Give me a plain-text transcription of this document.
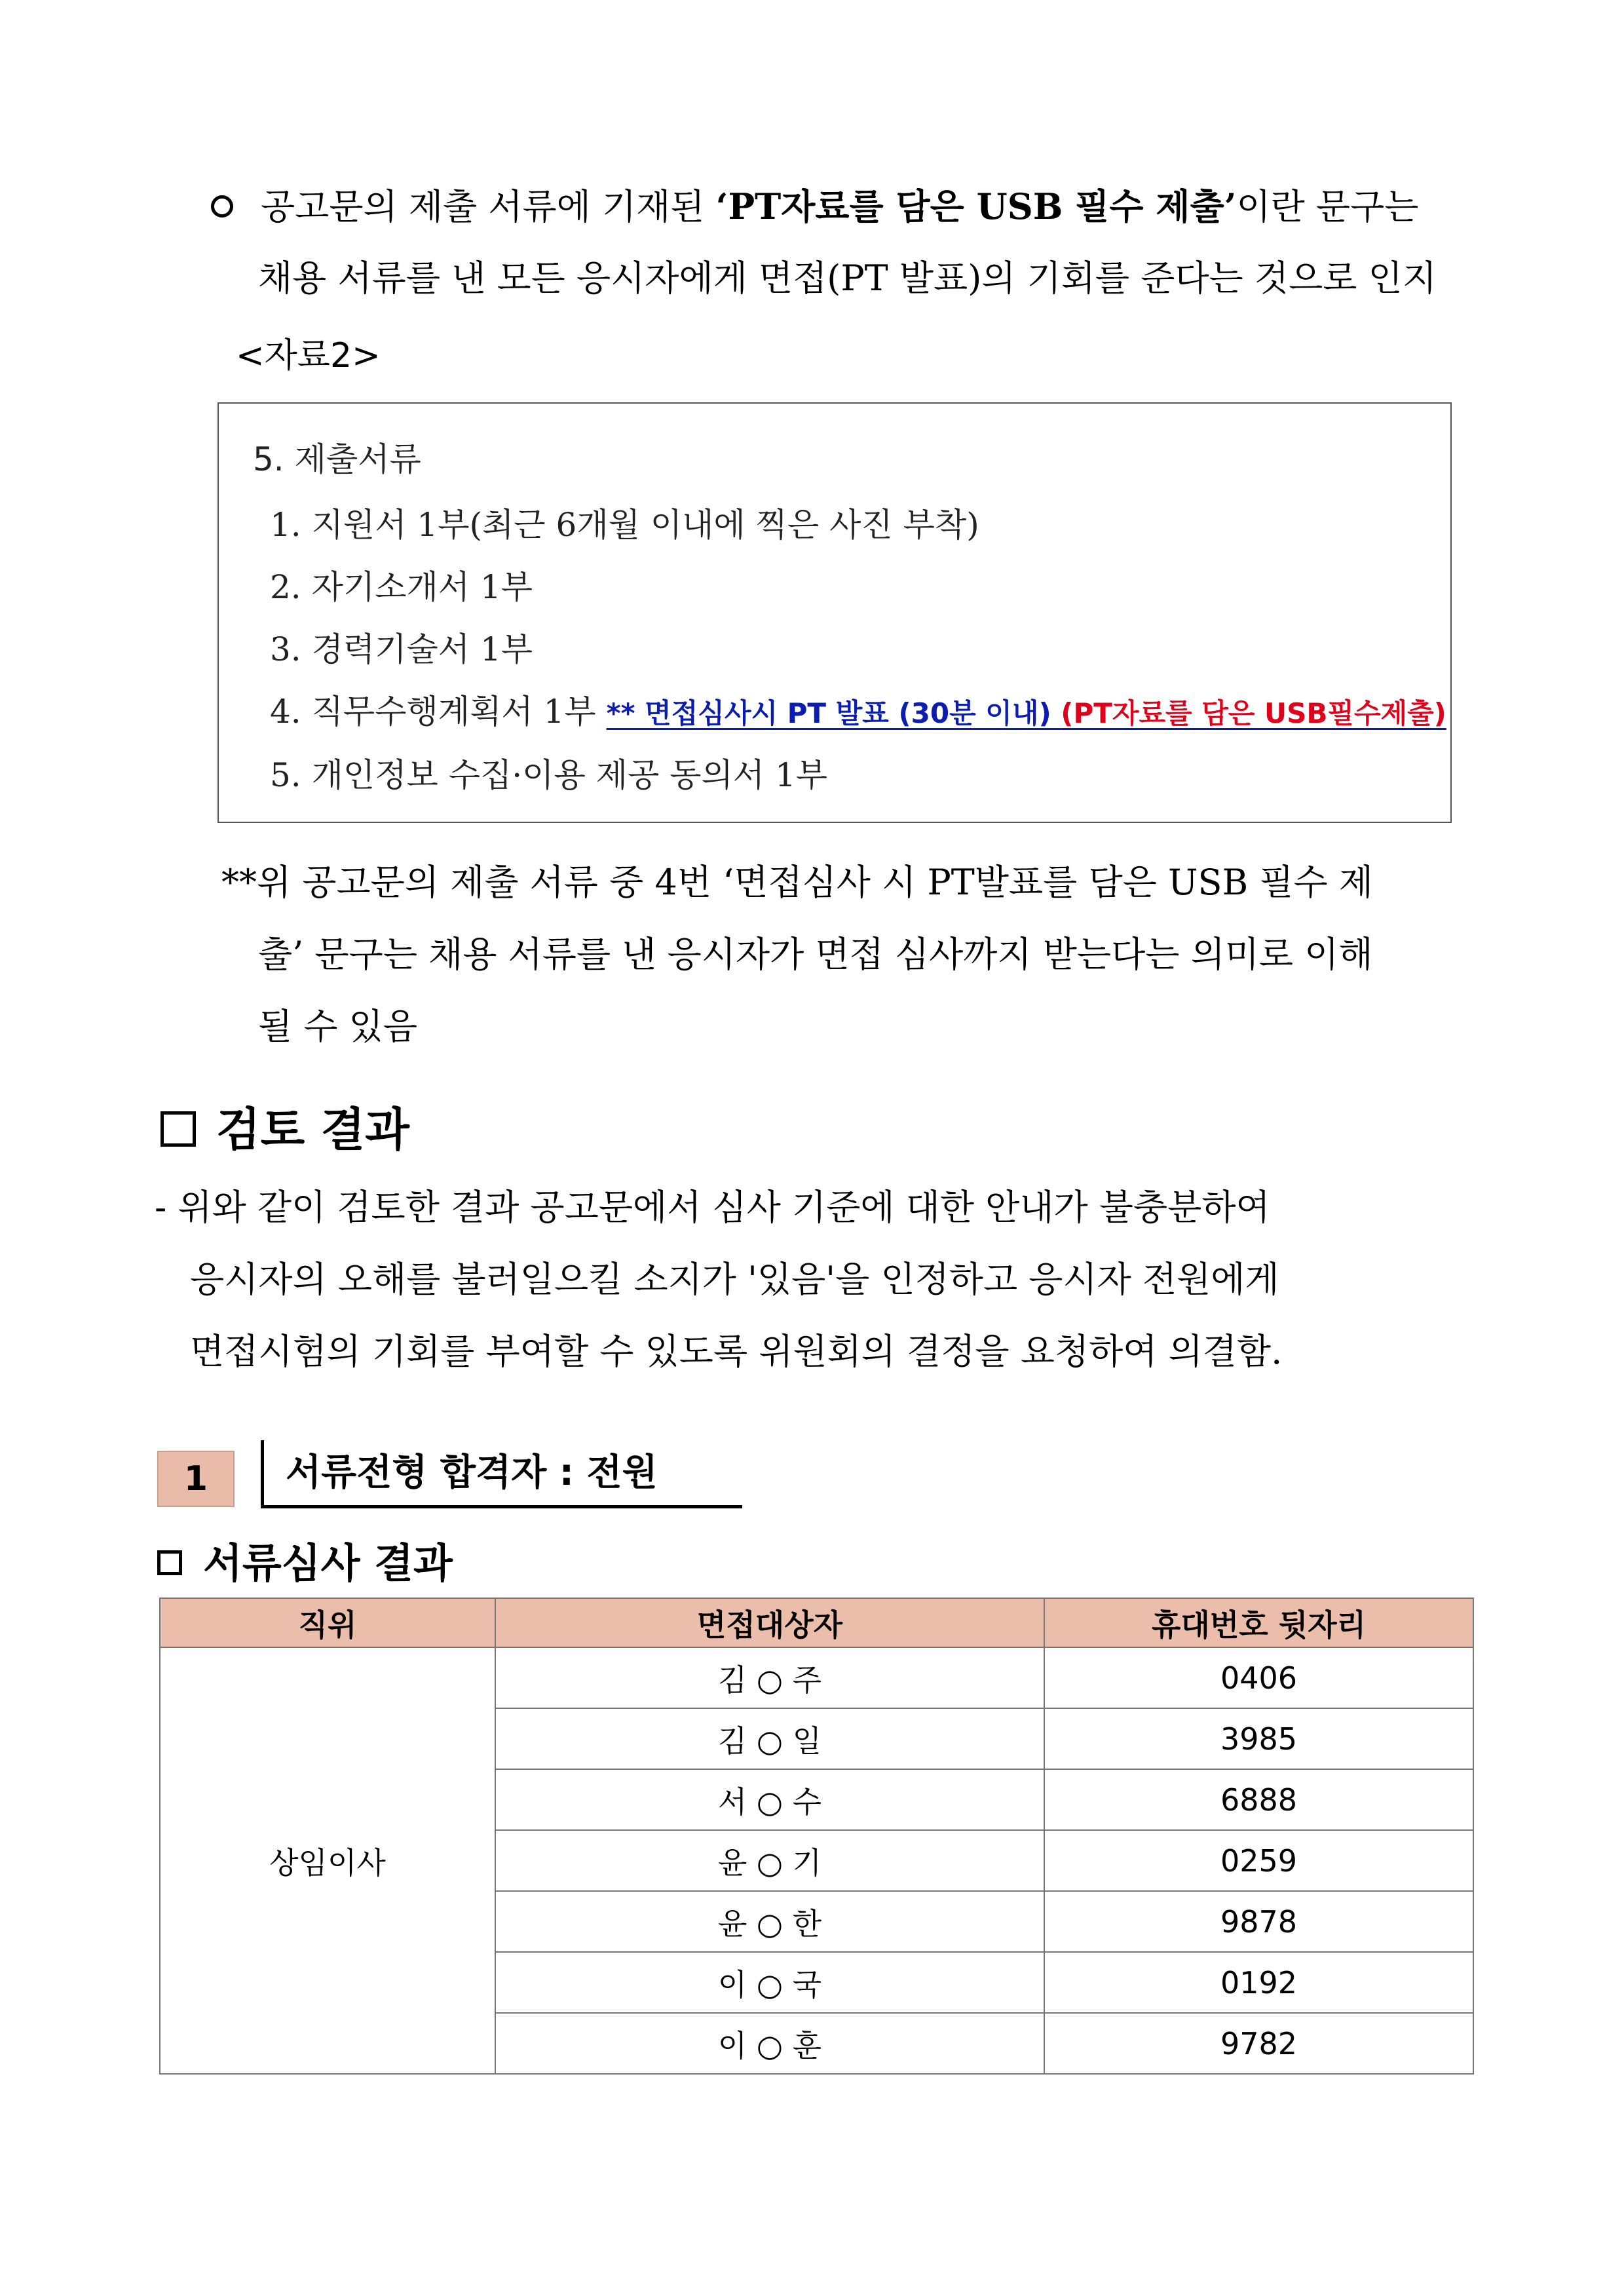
공고문의 제출 서류에 기재된 ‘PT자료를 담은 USB 필수 제출’이란 문구는
채용 서류를 낸 모든 응시자에게 면접(PT 발표)의 기회를 준다는 것으로 인지
<자료2>
5. 제출서류
1. 지원서 1부(최근 6개월 이내에 찍은 사진 부착)
2. 자기소개서 1부
3. 경력기술서 1부
4. 직무수행계획서 1부 ** 면접심사시 PT 발표 (30분 이내) (PT자료를 담은 USB필수제출)
5. 개인정보 수집·이용 제공 동의서 1부
**위 공고문의 제출 서류 중 4번 ‘면접심사 시 PT발표를 담은 USB 필수 제
출’ 문구는 채용 서류를 낸 응시자가 면접 심사까지 받는다는 의미로 이해
될 수 있음
검토 결과
- 위와 같이 검토한 결과 공고문에서 심사 기준에 대한 안내가 불충분하여
응시자의 오해를 불러일으킬 소지가 '있음'을 인정하고 응시자 전원에게
면접시험의 기회를 부여할 수 있도록 위원회의 결정을 요청하여 의결함.
1	서류전형 합격자 : 전원
서류심사 결과
직위	면접대상자	휴대번호 뒷자리
상임이사	김 ○ 주	0406
	김 ○ 일	3985
	서 ○ 수	6888
	윤 ○ 기	0259
	윤 ○ 한	9878
	이 ○ 국	0192
	이 ○ 훈	9782
